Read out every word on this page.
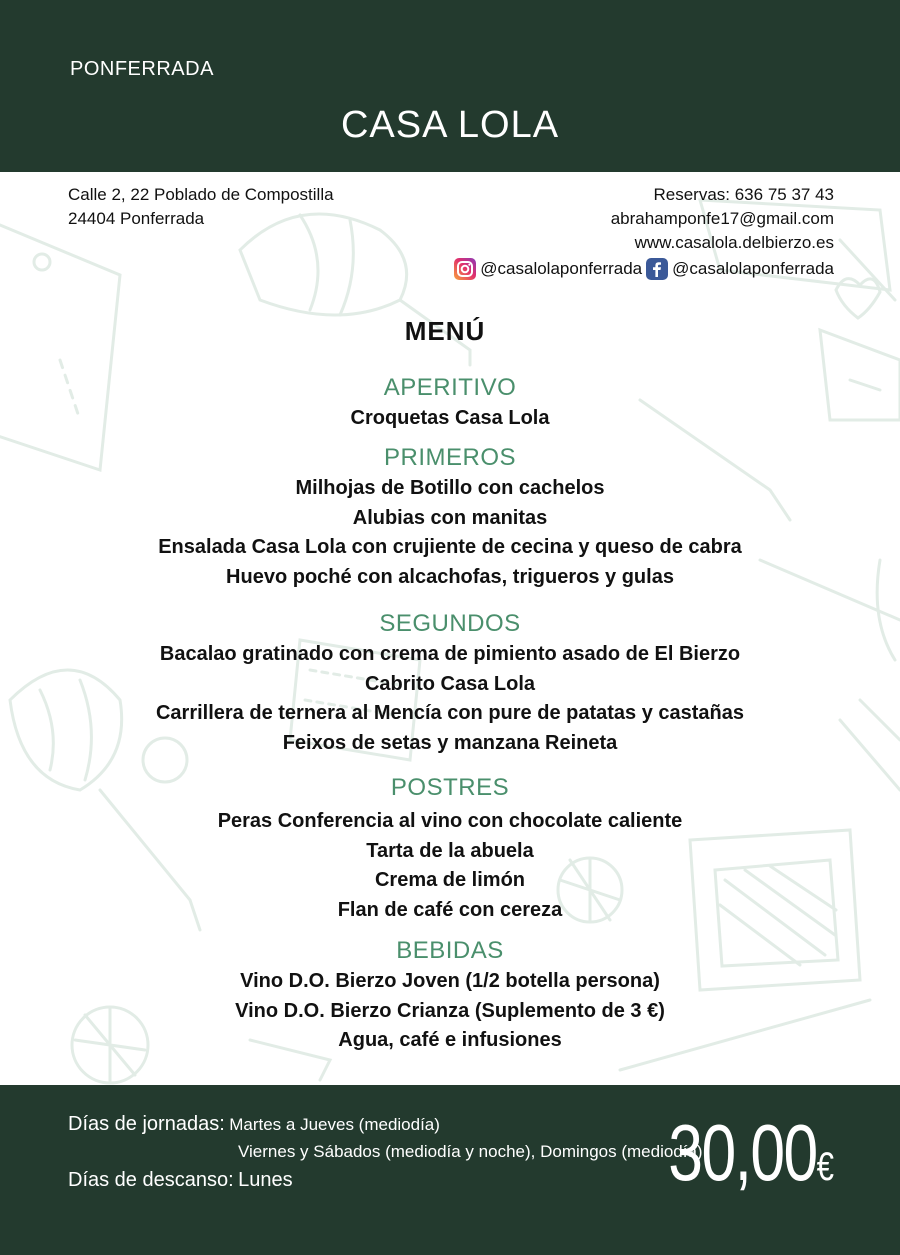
PONFERRADA
CASA LOLA
Calle 2, 22 Poblado de Compostilla
24404 Ponferrada
Reservas: 636 75 37 43
abrahamponfe17@gmail.com
www.casalola.delbierzo.es
@casalolaponferrada @casalolaponferrada
MENÚ
APERITIVO
Croquetas Casa Lola
PRIMEROS
Milhojas de Botillo con cachelos
Alubias con manitas
Ensalada Casa Lola con crujiente de cecina y queso de cabra
Huevo poché con alcachofas, trigueros y gulas
SEGUNDOS
Bacalao gratinado con crema de pimiento asado de El Bierzo
Cabrito Casa Lola
Carrillera de ternera al Mencía con pure de patatas y castañas
Feixos de setas y manzana Reineta
POSTRES
Peras Conferencia al vino con chocolate caliente
Tarta de la abuela
Crema de limón
Flan de café con cereza
BEBIDAS
Vino D.O. Bierzo Joven (1/2 botella persona)
Vino D.O. Bierzo Crianza (Suplemento de 3 €)
Agua, café e infusiones
Días de jornadas: Martes a Jueves (mediodía)
Viernes y Sábados (mediodía y noche), Domingos (mediodía)
Días de descanso: Lunes	30,00€
